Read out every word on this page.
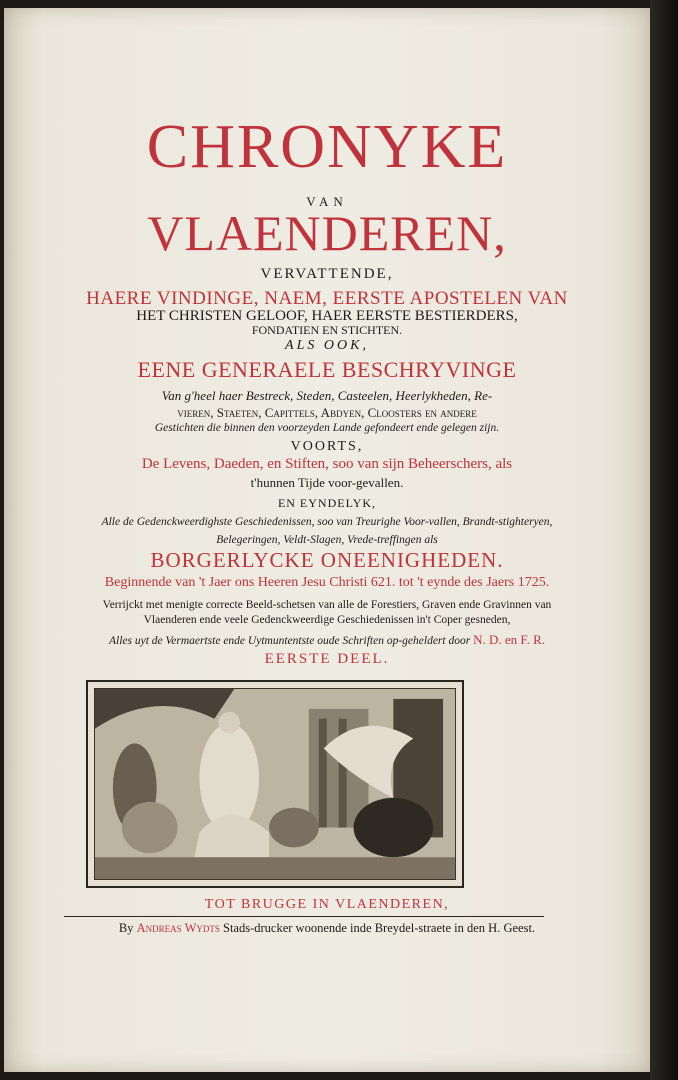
CHRONYKE
VAN
VLAENDEREN,
VERVATTENDE,
HAERE VINDINGE, NAEM, EERSTE APOSTELEN VAN
HET CHRISTEN GELOOF, HAER EERSTE BESTIERDERS,
FONDATIEN EN STICHTEN.
ALS OOK,
EENE GENERAELE BESCHRYVINGE
Van g'heel haer Bestreck, Steden, Casteelen, Heerlykheden, Re-
vieren, Staeten, Capittels, Abdyen, Cloosters en andere
Gestichten die binnen den voorzeyden Lande gefondeert ende gelegen zijn.
VOORTS,
De Levens, Daeden, en Stiften, soo van sijn Beheerschers, als
t'hunnen Tijde voor-gevallen.
EN EYNDELYK,
Alle de Gedenckweerdighste Geschiedenissen, soo van Treurighe Voor-vallen, Brandt-stighteryen,
Belegeringen, Veldt-Slagen, Vrede-treffingen als
BORGERLYCKE ONEENIGHEDEN.
Beginnende van 't Jaer ons Heeren Jesu Christi 621. tot 't eynde des Jaers 1725.
Verrijckt met menigte correcte Beeld-schetsen van alle de Forestiers, Graven ende Gravinnen van
Vlaenderen ende veele Gedenckweerdige Geschiedenissen in't Coper gesneden,
Alles uyt de Vermaertste ende Uytmuntentste oude Schriften op-geheldert door N. D. en F. R.
EERSTE DEEL.
TOT BRUGGE IN VLAENDEREN,
By Andreas Wydts Stads-drucker woonende inde Breydel-straete in den H. Geest.
